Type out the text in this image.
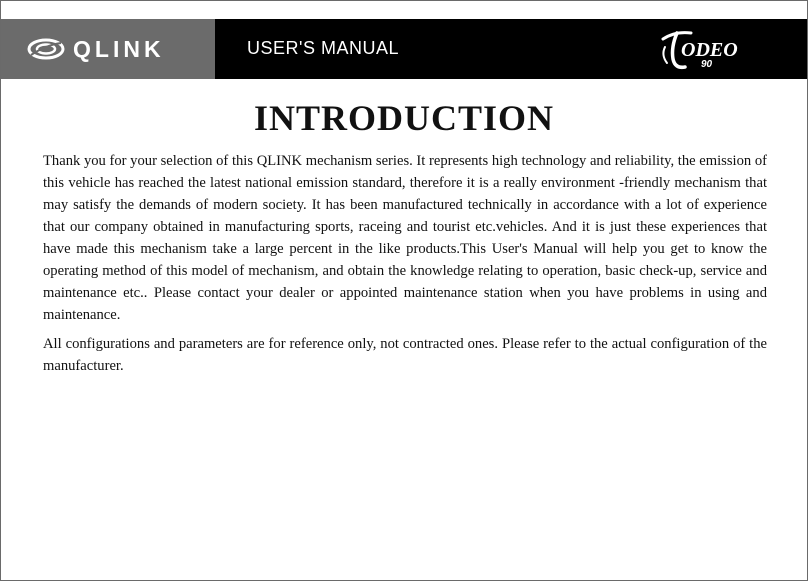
QLINK	USER'S MANUAL	ODEO
90
INTRODUCTION

Thank you for your selection of this QLINK mechanism series. It represents high technology and reliability, the emission of this vehicle has reached the latest national emission standard, therefore it is a really environment -friendly mechanism that may satisfy the demands of modern society. It has been manufactured technically in accordance with a lot of experience that our company obtained in manufacturing sports, raceing and tourist etc.vehicles. And it is just these experiences that have made this mechanism take a large percent in the like products.This User's Manual will help you get to know the operating method of this model of mechanism, and obtain the knowledge relating to operation, basic check-up, service and maintenance etc.. Please contact your dealer or appointed maintenance station when you have problems in using and maintenance.

All configurations and parameters are for reference only, not contracted ones. Please refer to the actual configuration of the manufacturer.
